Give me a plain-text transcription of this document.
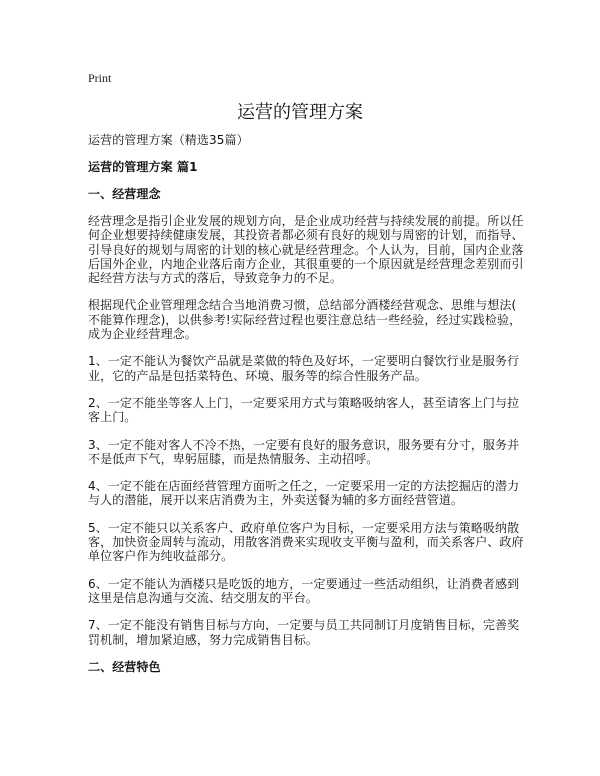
Print
运营的管理方案
运营的管理方案（精选35篇）
运营的管理方案 篇1
一、经营理念
经营理念是指引企业发展的规划方向，是企业成功经营与持续发展的前提。所以任
何企业想要持续健康发展，其投资者都必须有良好的规划与周密的计划，而指导、
引导良好的规划与周密的计划的核心就是经营理念。个人认为，目前，国内企业落
后国外企业，内地企业落后南方企业，其很重要的一个原因就是经营理念差别而引
起经营方法与方式的落后，导致竞争力的不足。
根据现代企业管理理念结合当地消费习惯，总结部分酒楼经营观念、思维与想法(
不能算作理念)，以供参考!实际经营过程也要注意总结一些经验，经过实践检验，
成为企业经营理念。
1、一定不能认为餐饮产品就是菜做的特色及好坏，一定要明白餐饮行业是服务行
业，它的产品是包括菜特色、环境、服务等的综合性服务产品。
2、一定不能坐等客人上门，一定要采用方式与策略吸纳客人，甚至请客上门与拉
客上门。
3、一定不能对客人不冷不热，一定要有良好的服务意识，服务要有分寸，服务并
不是低声下气，卑躬屈膝，而是热情服务、主动招呼。
4、一定不能在店面经营管理方面听之任之，一定要采用一定的方法挖掘店的潜力
与人的潜能，展开以来店消费为主，外卖送餐为辅的多方面经营管道。
5、一定不能只以关系客户、政府单位客户为目标，一定要采用方法与策略吸纳散
客，加快资金周转与流动，用散客消费来实现收支平衡与盈利，而关系客户、政府
单位客户作为纯收益部分。
6、一定不能认为酒楼只是吃饭的地方，一定要通过一些活动组织，让消费者感到
这里是信息沟通与交流、结交朋友的平台。
7、一定不能没有销售目标与方向，一定要与员工共同制订月度销售目标，完善奖
罚机制，增加紧迫感，努力完成销售目标。
二、经营特色
